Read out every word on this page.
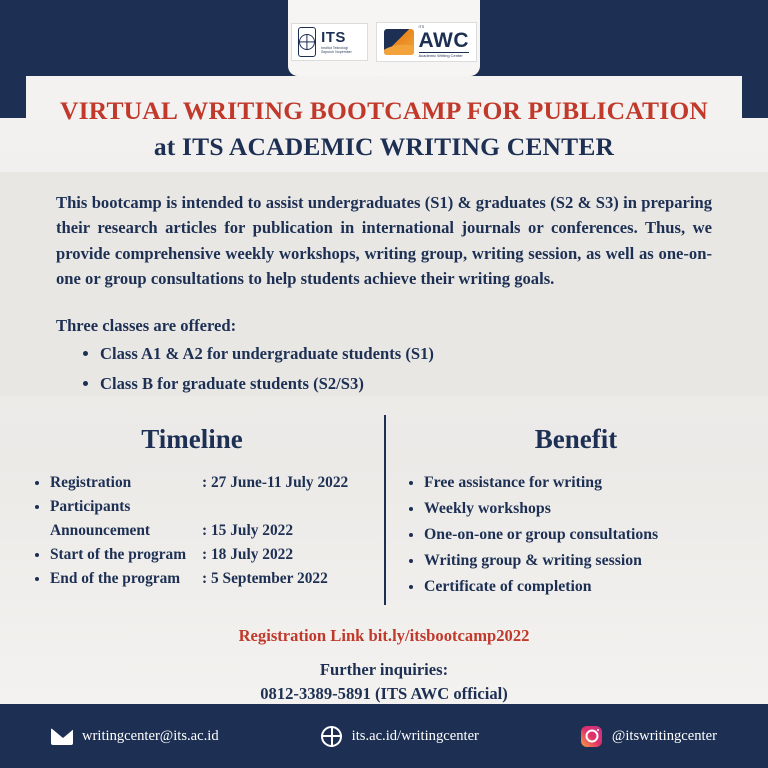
ITS
Institut Teknologi Sepuluh Nopember
ITS
AWC
Academic Writing Center
VIRTUAL WRITING BOOTCAMP FOR PUBLICATION
at ITS ACADEMIC WRITING CENTER
This bootcamp is intended to assist undergraduates (S1) & graduates (S2 & S3) in preparing their research articles for publication in international journals or conferences. Thus, we provide comprehensive weekly workshops, writing group, writing session, as well as one-on-one or group consultations to help students achieve their writing goals.
Three classes are offered:
• Class A1 & A2 for undergraduate students (S1)
• Class B for graduate students (S2/S3)
Timeline	Benefit
• Registration	: 27 June-11 July 2022
• Participants
Announcement	: 15 July 2022
• Start of the program	: 18 July 2022
• End of the program	: 5 September 2022
• Free assistance for writing
• Weekly workshops
• One-on-one or group consultations
• Writing group & writing session
• Certificate of completion
Registration Link bit.ly/itsbootcamp2022
Further inquiries:
0812-3389-5891 (ITS AWC official)
writingcenter@its.ac.id	its.ac.id/writingcenter	@itswritingcenter
